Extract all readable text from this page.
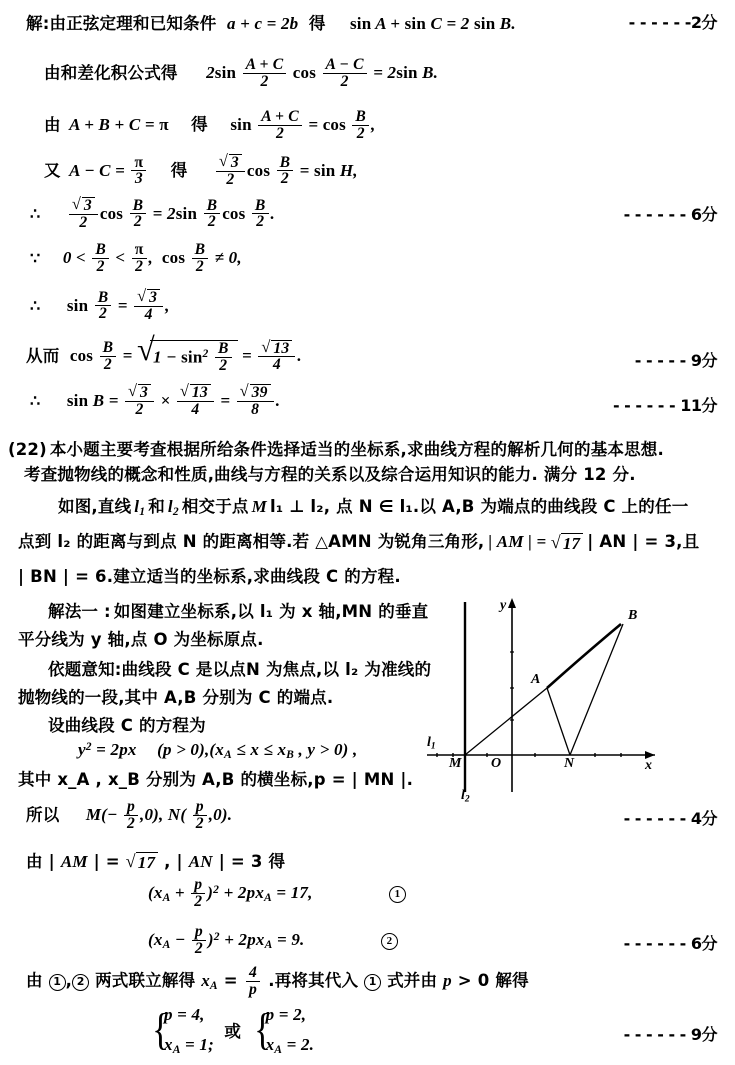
解:由正弦定理和已知条件 a + c = 2b 得 sin A + sin C = 2 sin B.	- - - - - -2分
由和差化积公式得 $2\sin \frac{A + C}{2}$ $\cos \frac{A - C}{2} = 2\sin$ B.
由 A + B + C = π 得 $\sin \frac{A + C}{2} = \cos \frac{B}{2}$ ,
又 $A - C = \frac{\pi}{3}$ 得 √ $\frac{3}{2}$ $\cos \frac{B}{2} = \sin H$,
∴ √ $\frac{3}{2}$ $\cos \frac{B}{2} = 2\sin \frac{B}{2}$ $\cos \frac{B}{2}$ .	- - - - - - 6分
∵ $0 < \frac{B}{2} < \frac{\pi}{2}$ ,  $\cos \frac{B}{2} \ne 0$,
∴ $\sin \frac{B}{2}$ = √ $\frac{3}{4}$ ,
从而 $\cos \frac{B}{2}$ = √ $1 - \sin^2 \frac{B}{2}$ = √ $\frac{13}{4}$ .	- - - - - 9分
∴ sin B = √ $\frac{3}{2}$ × √ $\frac{13}{4}$ = √ $\frac{39}{8}$ .	- - - - - - 11分
(22) 本小题主要考查根据所给条件选择适当的坐标系,求曲线方程的解析几何的基本思想.
考查抛物线的概念和性质,曲线与方程的关系以及综合运用知识的能力. 满分 12 分.
如图,直线 $l_1$ 和 $l_2$ 相交于点 M l₁ ⊥ l₂, 点 N ∈ l₁.以 A,B 为端点的曲线段 C 上的任一
点到 l₂ 的距离与到点 N 的距离相等.若 △AMN 为锐角三角形, | AM | = √ 17 | AN | = 3,且
| BN | = 6.建立适当的坐标系,求曲线段 C 的方程.
解法一 : 如图建立坐标系,以 l₁ 为 x 轴,MN 的垂直
平分线为 y 轴,点 O 为坐标原点.
依题意知:曲线段 C 是以点N 为焦点,以 l₂ 为准线的
抛物线的一段,其中 A,B 分别为 C 的端点.
设曲线段 C 的方程为
$y^2 = 2px$ $(p > 0),(x_A \le x \le x_B$ , y > 0) ,
其中 x_A , x_B 分别为 A,B 的横坐标,p = | MN |.
M O	N
A
B
x
y
$l_1$
$l_2$
所以 $M(- \frac{p}{2} ,0)$, $N( \frac{p}{2} ,0)$.	- - - - - - 4分
由 | AM | = √ 17 , | AN | = 3 得
$(x_A + \frac{p}{2} )^2 + 2px_A = 17$,	1
$(x_A - \frac{p}{2} )^2 + 2px_A = 9$.	2	- - - - - - 6分
由 1 , 2 两式联立解得 $x_A = \frac{4}{p}$ .再将其代入 1 式并由 p > 0 解得
{ p = 4,
$x_A = 1$;
或
{ p = 2,
$x_A = 2$.
- - - - - - 9分
